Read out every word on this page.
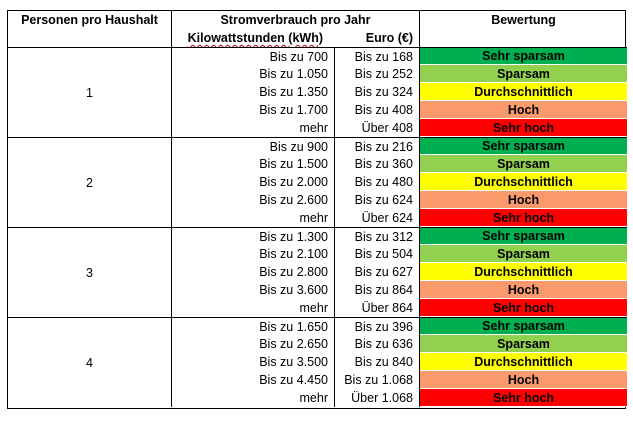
Personen pro Haushalt	Stromverbrauch pro Jahr	Bewertung
Kilowattstunden (kWh)	Euro (€)
1
Bis zu 700	Bis zu 168	Sehr sparsam
Bis zu 1.050	Bis zu 252	Sparsam
Bis zu 1.350	Bis zu 324	Durchschnittlich
Bis zu 1.700	Bis zu 408	Hoch
mehr	Über 408	Sehr hoch
2
Bis zu 900	Bis zu 216	Sehr sparsam
Bis zu 1.500	Bis zu 360	Sparsam
Bis zu 2.000	Bis zu 480	Durchschnittlich
Bis zu 2.600	Bis zu 624	Hoch
mehr	Über 624	Sehr hoch
3
Bis zu 1.300	Bis zu 312	Sehr sparsam
Bis zu 2.100	Bis zu 504	Sparsam
Bis zu 2.800	Bis zu 627	Durchschnittlich
Bis zu 3.600	Bis zu 864	Hoch
mehr	Über 864	Sehr hoch
4
Bis zu 1.650	Bis zu 396	Sehr sparsam
Bis zu 2.650	Bis zu 636	Sparsam
Bis zu 3.500	Bis zu 840	Durchschnittlich
Bis zu 4.450	Bis zu 1.068	Hoch
mehr	Über 1.068	Sehr hoch
